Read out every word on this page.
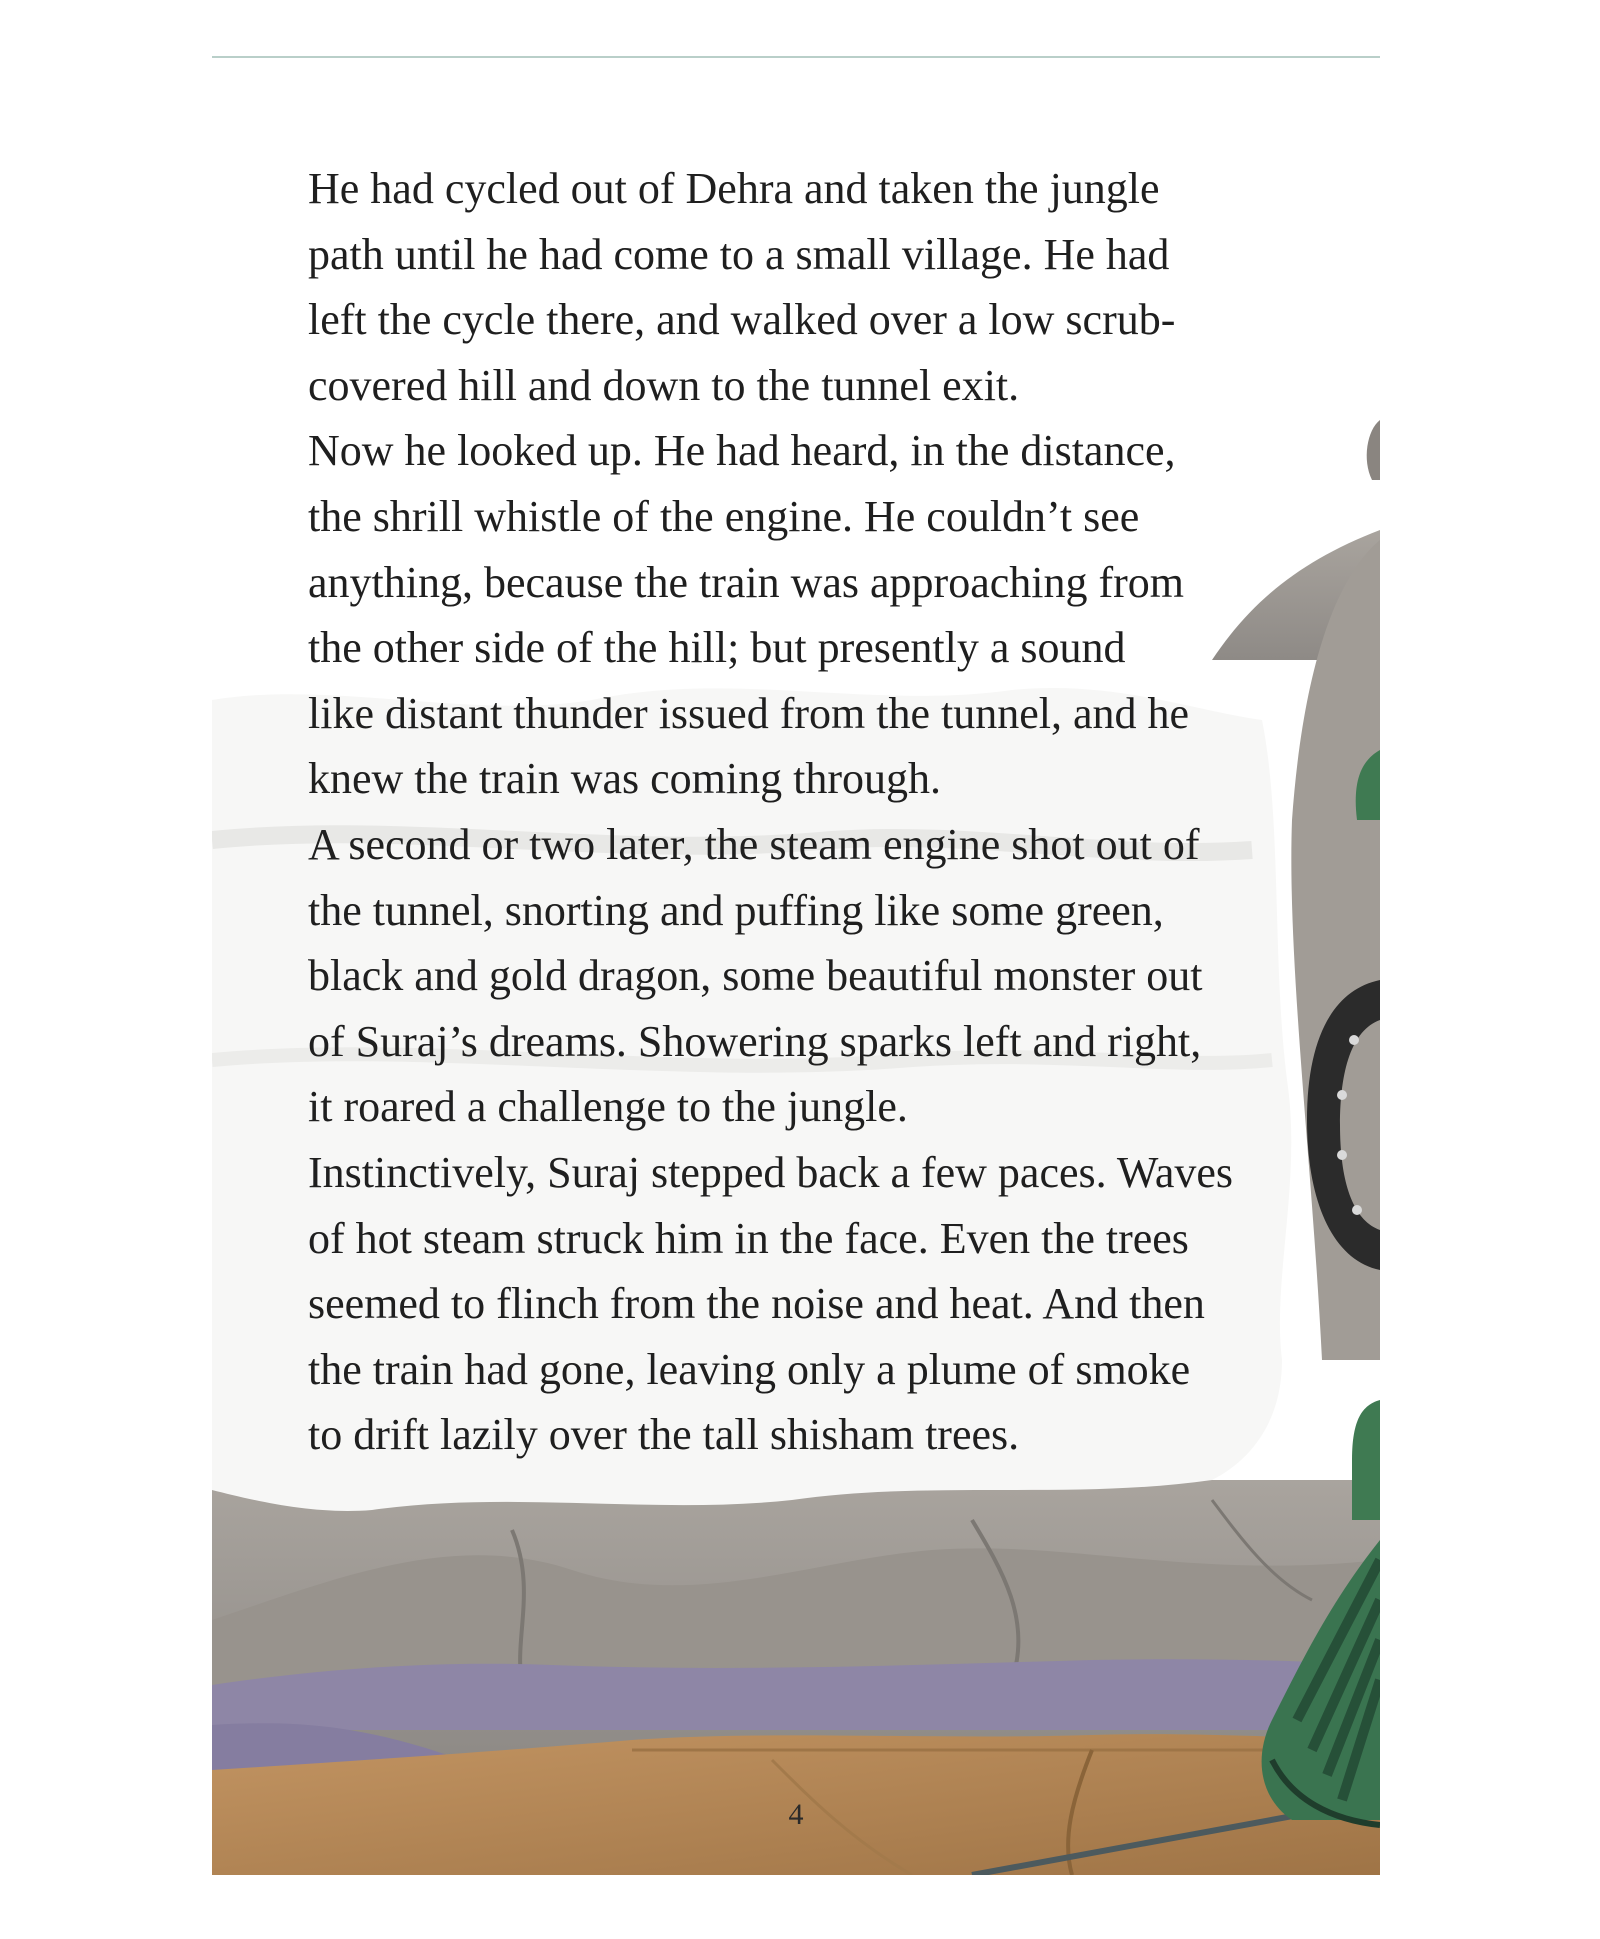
He had cycled out of Dehra and taken the jungle
path until he had come to a small village. He had
left the cycle there, and walked over a low scrub-
covered hill and down to the tunnel exit.
Now he looked up. He had heard, in the distance,
the shrill whistle of the engine. He couldn’t see
anything, because the train was approaching from
the other side of the hill; but presently a sound
like distant thunder issued from the tunnel, and he
knew the train was coming through.
A second or two later, the steam engine shot out of
the tunnel, snorting and puffing like some green,
black and gold dragon, some beautiful monster out
of Suraj’s dreams. Showering sparks left and right,
it roared a challenge to the jungle.
Instinctively, Suraj stepped back a few paces. Waves
of hot steam struck him in the face. Even the trees
seemed to flinch from the noise and heat. And then
the train had gone, leaving only a plume of smoke
to drift lazily over the tall shisham trees.

4
